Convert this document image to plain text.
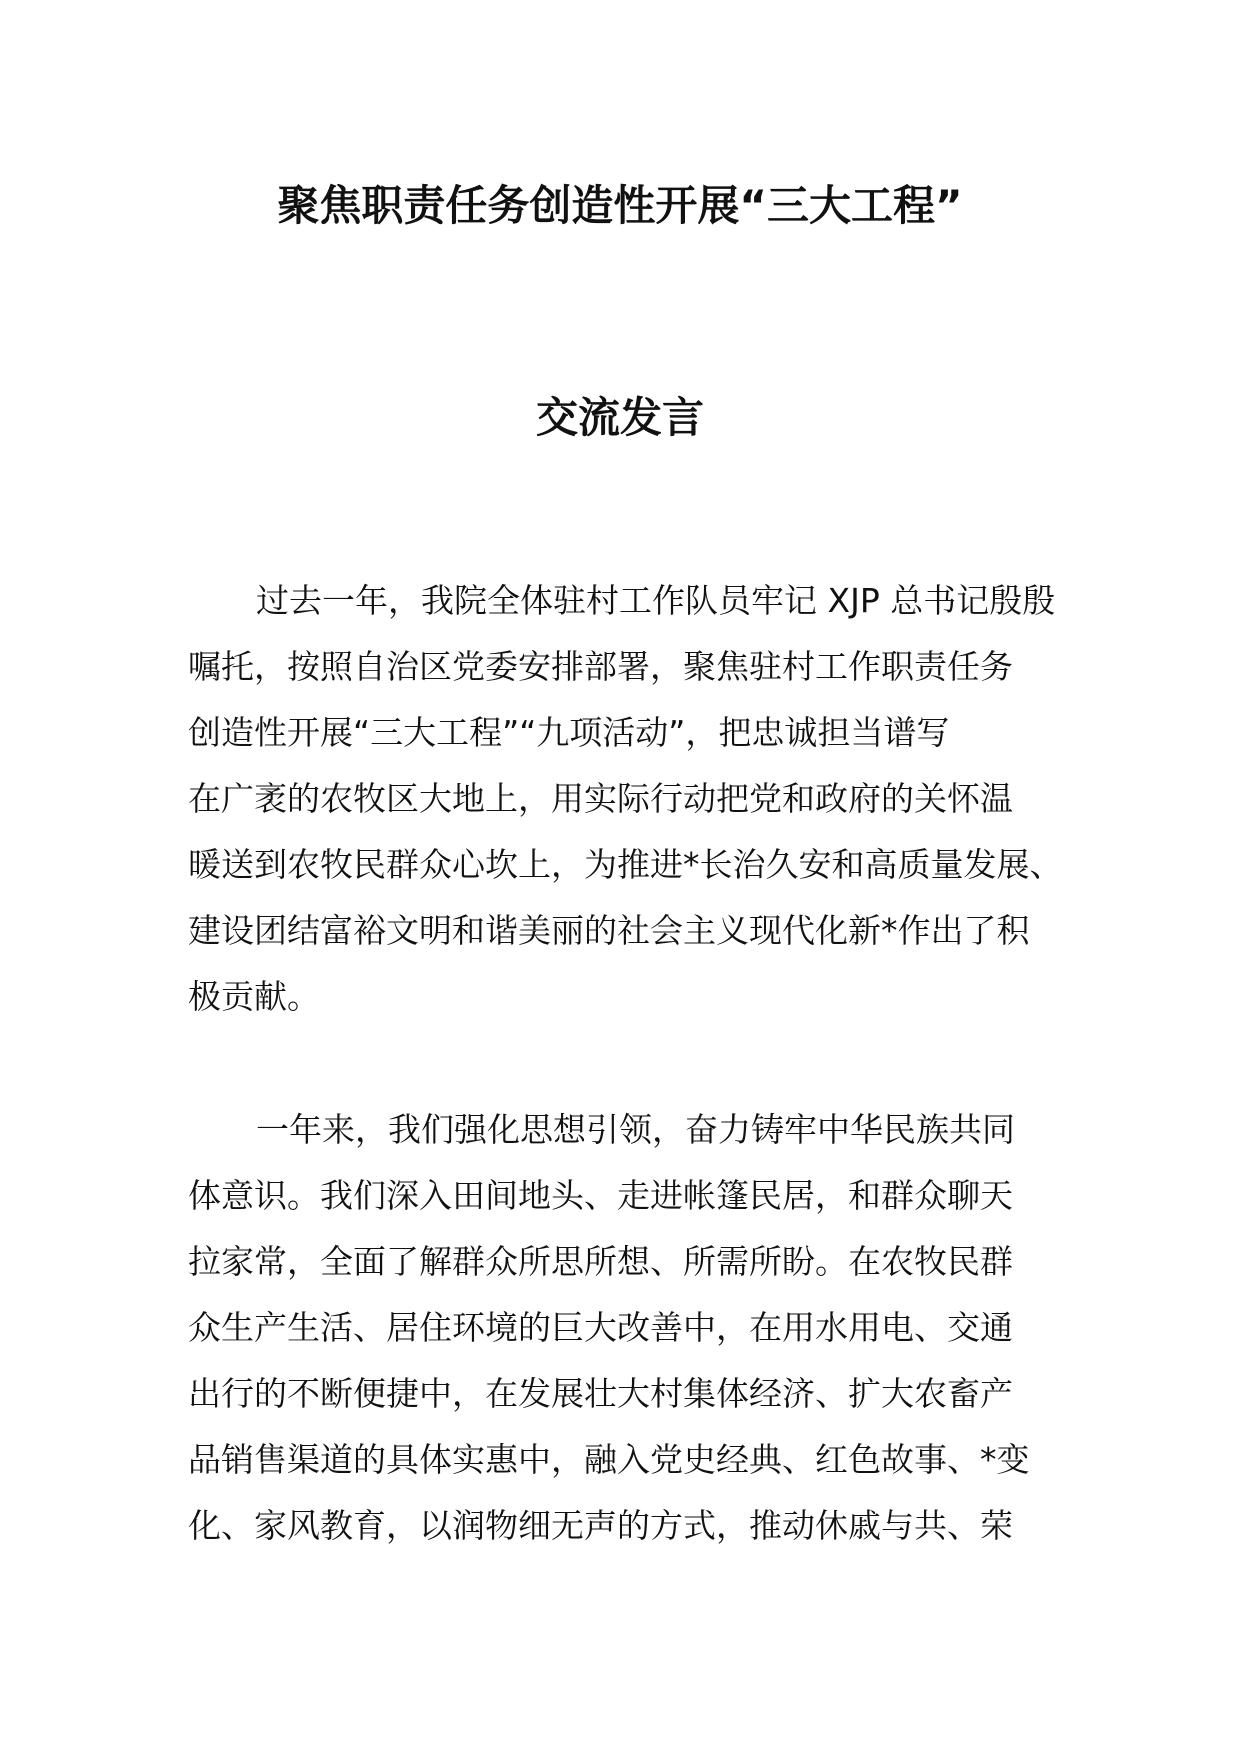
聚焦职责任务创造性开展“三大工程”
交流发言
过去一年，我院全体驻村工作队员牢记 XJP 总书记殷殷
嘱托，按照自治区党委安排部署，聚焦驻村工作职责任务
创造性开展“三大工程”“九项活动”，把忠诚担当谱写
在广袤的农牧区大地上，用实际行动把党和政府的关怀温
暖送到农牧民群众心坎上，为推进*长治久安和高质量发展、
建设团结富裕文明和谐美丽的社会主义现代化新*作出了积
极贡献。
一年来，我们强化思想引领，奋力铸牢中华民族共同
体意识。我们深入田间地头、走进帐篷民居，和群众聊天
拉家常，全面了解群众所思所想、所需所盼。在农牧民群
众生产生活、居住环境的巨大改善中，在用水用电、交通
出行的不断便捷中，在发展壮大村集体经济、扩大农畜产
品销售渠道的具体实惠中，融入党史经典、红色故事、*变
化、家风教育，以润物细无声的方式，推动休戚与共、荣
